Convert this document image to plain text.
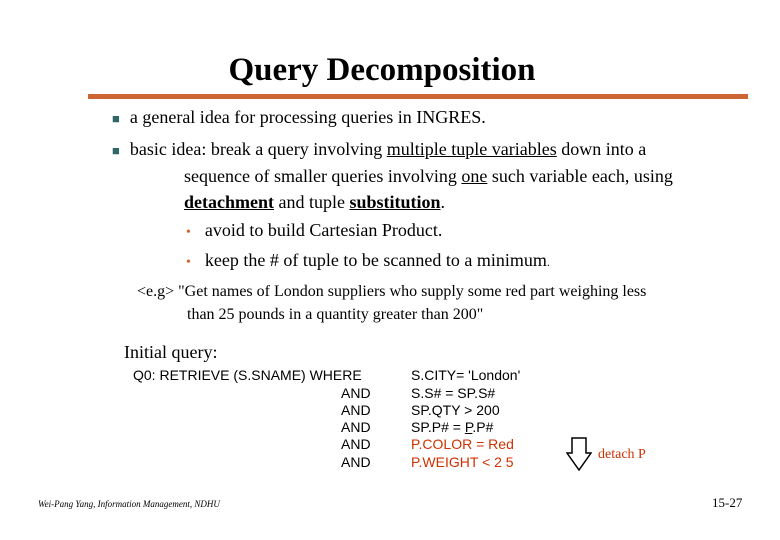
Query Decomposition
■ a general idea for processing queries in INGRES.
■ basic idea: break a query involving multiple tuple variables down into a
sequence of smaller queries involving one such variable each, using
detachment and tuple substitution.
• avoid to build Cartesian Product.
• keep the # of tuple to be scanned to a minimum.
<e.g> "Get names of London suppliers who supply some red part weighing less
than 25 pounds in a quantity greater than 200"
Initial query:
Q0: RETRIEVE (S.SNAME) WHERE
AND
AND
AND
AND
AND
S.CITY= 'London'
S.S# = SP.S#
SP.QTY > 200
SP.P# = P.P#
P.COLOR = Red
P.WEIGHT < 2 5	detach P
Wei-Pang Yang, Information Management, NDHU	15-27
